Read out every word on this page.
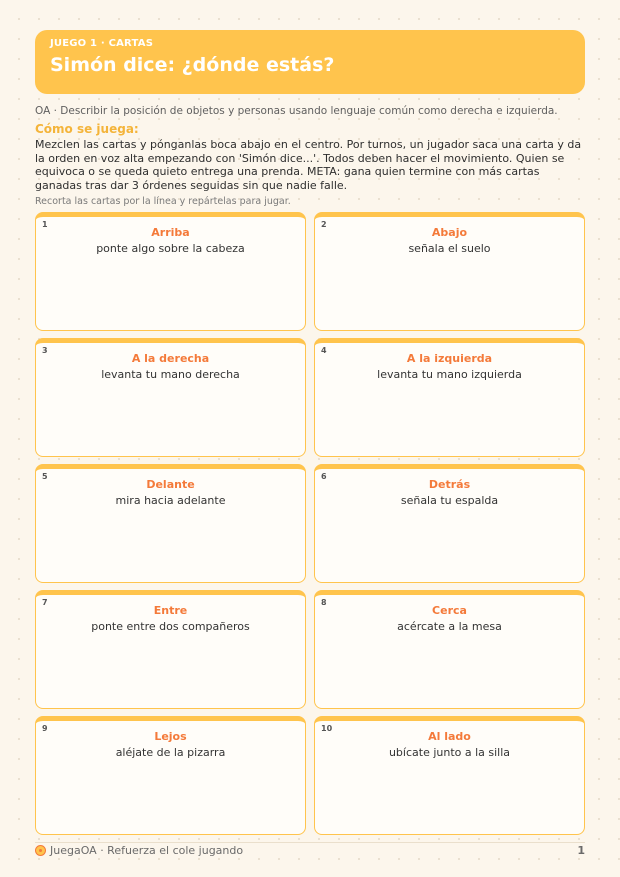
JUEGO 1 · CARTAS
Simón dice: ¿dónde estás?
OA · Describir la posición de objetos y personas usando lenguaje común como derecha e izquierda.
Cómo se juega:
Mezclen las cartas y pónganlas boca abajo en el centro. Por turnos, un jugador saca una carta y da la orden en voz alta empezando con 'Simón dice...'. Todos deben hacer el movimiento. Quien se equivoca o se queda quieto entrega una prenda. META: gana quien termine con más cartas ganadas tras dar 3 órdenes seguidas sin que nadie falle.
Recorta las cartas por la línea y repártelas para jugar.
1
Arriba
ponte algo sobre la cabeza
2
Abajo
señala el suelo
3
A la derecha
levanta tu mano derecha
4
A la izquierda
levanta tu mano izquierda
5
Delante
mira hacia adelante
6
Detrás
señala tu espalda
7
Entre
ponte entre dos compañeros
8
Cerca
acércate a la mesa
9
Lejos
aléjate de la pizarra
10
Al lado
ubícate junto a la silla
JuegaOA · Refuerza el cole jugando	1
